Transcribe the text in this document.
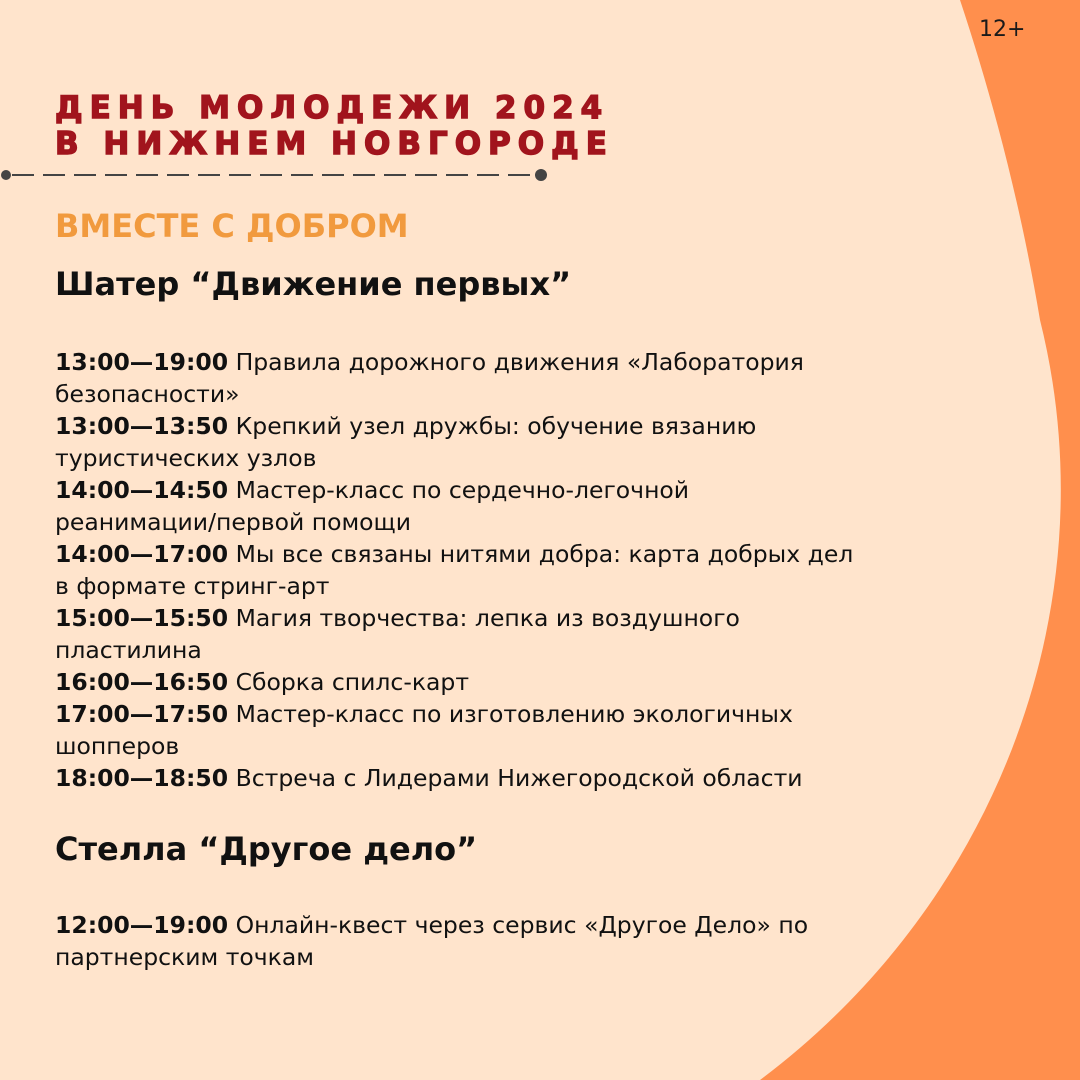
12+
ДЕНЬ МОЛОДЕЖИ 2024
В НИЖНЕМ НОВГОРОДЕ
ВМЕСТЕ С ДОБРОМ
Шатер “Движение первых”
13:00—19:00 Правила дорожного движения «Лаборатория
безопасности»
13:00—13:50 Крепкий узел дружбы: обучение вязанию
туристических узлов
14:00—14:50 Мастер-класс по сердечно-легочной
реанимации/первой помощи
14:00—17:00 Мы все связаны нитями добра: карта добрых дел
в формате стринг-арт
15:00—15:50 Магия творчества: лепка из воздушного
пластилина
16:00—16:50 Сборка спилс-карт
17:00—17:50 Мастер-класс по изготовлению экологичных
шопперов
18:00—18:50 Встреча с Лидерами Нижегородской области
Стелла “Другое дело”
12:00—19:00 Онлайн-квест через сервис «Другое Дело» по
партнерским точкам
